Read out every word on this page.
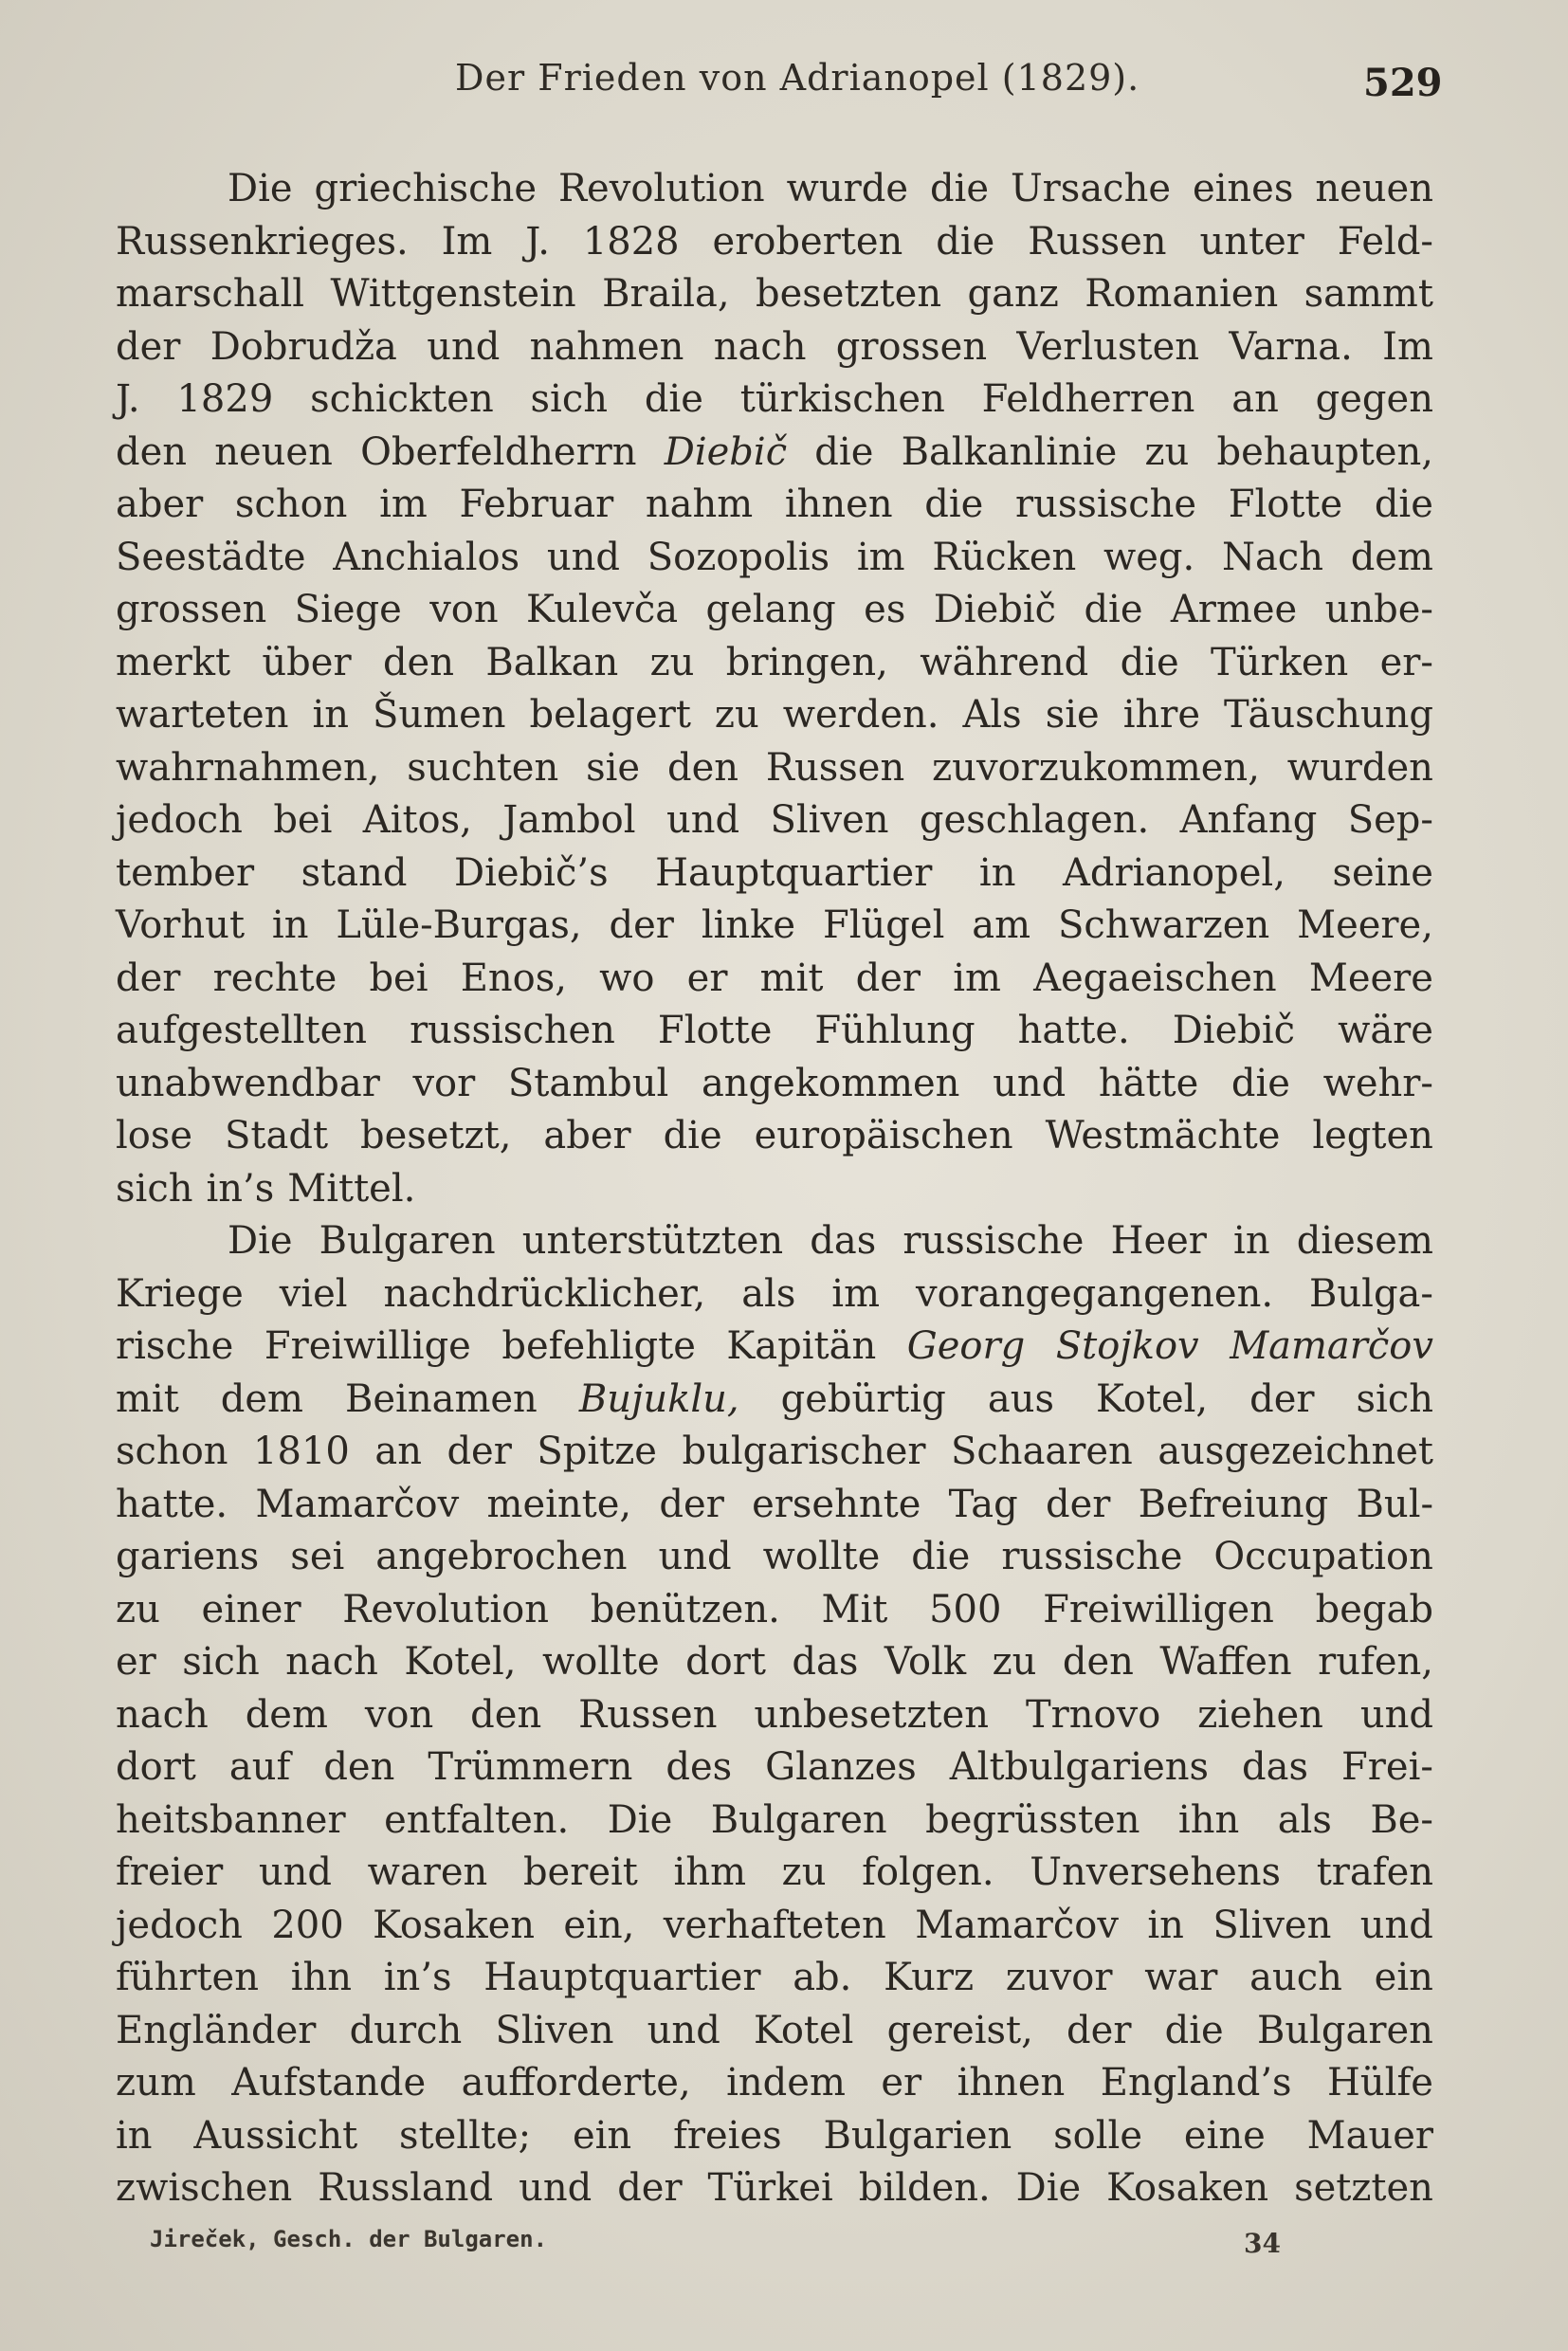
Der Frieden von Adrianopel (1829).	529
Die griechische Revolution wurde die Ursache eines neuen
Russenkrieges. Im J. 1828 eroberten die Russen unter Feld-
marschall Wittgenstein Braila, besetzten ganz Romanien sammt
der Dobrudža und nahmen nach grossen Verlusten Varna. Im
J. 1829 schickten sich die türkischen Feldherren an gegen
den neuen Oberfeldherrn Diebič die Balkanlinie zu behaupten,
aber schon im Februar nahm ihnen die russische Flotte die
Seestädte Anchialos und Sozopolis im Rücken weg. Nach dem
grossen Siege von Kulevča gelang es Diebič die Armee unbe-
merkt über den Balkan zu bringen, während die Türken er-
warteten in Šumen belagert zu werden. Als sie ihre Täuschung
wahrnahmen, suchten sie den Russen zuvorzukommen, wurden
jedoch bei Aitos, Jambol und Sliven geschlagen. Anfang Sep-
tember stand Diebič’s Hauptquartier in Adrianopel, seine
Vorhut in Lüle-Burgas, der linke Flügel am Schwarzen Meere,
der rechte bei Enos, wo er mit der im Aegaeischen Meere
aufgestellten russischen Flotte Fühlung hatte. Diebič wäre
unabwendbar vor Stambul angekommen und hätte die wehr-
lose Stadt besetzt, aber die europäischen Westmächte legten
sich in’s Mittel.
Die Bulgaren unterstützten das russische Heer in diesem
Kriege viel nachdrücklicher, als im vorangegangenen. Bulga-
rische Freiwillige befehligte Kapitän Georg Stojkov Mamarčov
mit dem Beinamen Bujuklu, gebürtig aus Kotel, der sich
schon 1810 an der Spitze bulgarischer Schaaren ausgezeichnet
hatte. Mamarčov meinte, der ersehnte Tag der Befreiung Bul-
gariens sei angebrochen und wollte die russische Occupation
zu einer Revolution benützen. Mit 500 Freiwilligen begab
er sich nach Kotel, wollte dort das Volk zu den Waffen rufen,
nach dem von den Russen unbesetzten Trnovo ziehen und
dort auf den Trümmern des Glanzes Altbulgariens das Frei-
heitsbanner entfalten. Die Bulgaren begrüssten ihn als Be-
freier und waren bereit ihm zu folgen. Unversehens trafen
jedoch 200 Kosaken ein, verhafteten Mamarčov in Sliven und
führten ihn in’s Hauptquartier ab. Kurz zuvor war auch ein
Engländer durch Sliven und Kotel gereist, der die Bulgaren
zum Aufstande aufforderte, indem er ihnen England’s Hülfe
in Aussicht stellte; ein freies Bulgarien solle eine Mauer
zwischen Russland und der Türkei bilden. Die Kosaken setzten
Jireček, Gesch. der Bulgaren.	34
